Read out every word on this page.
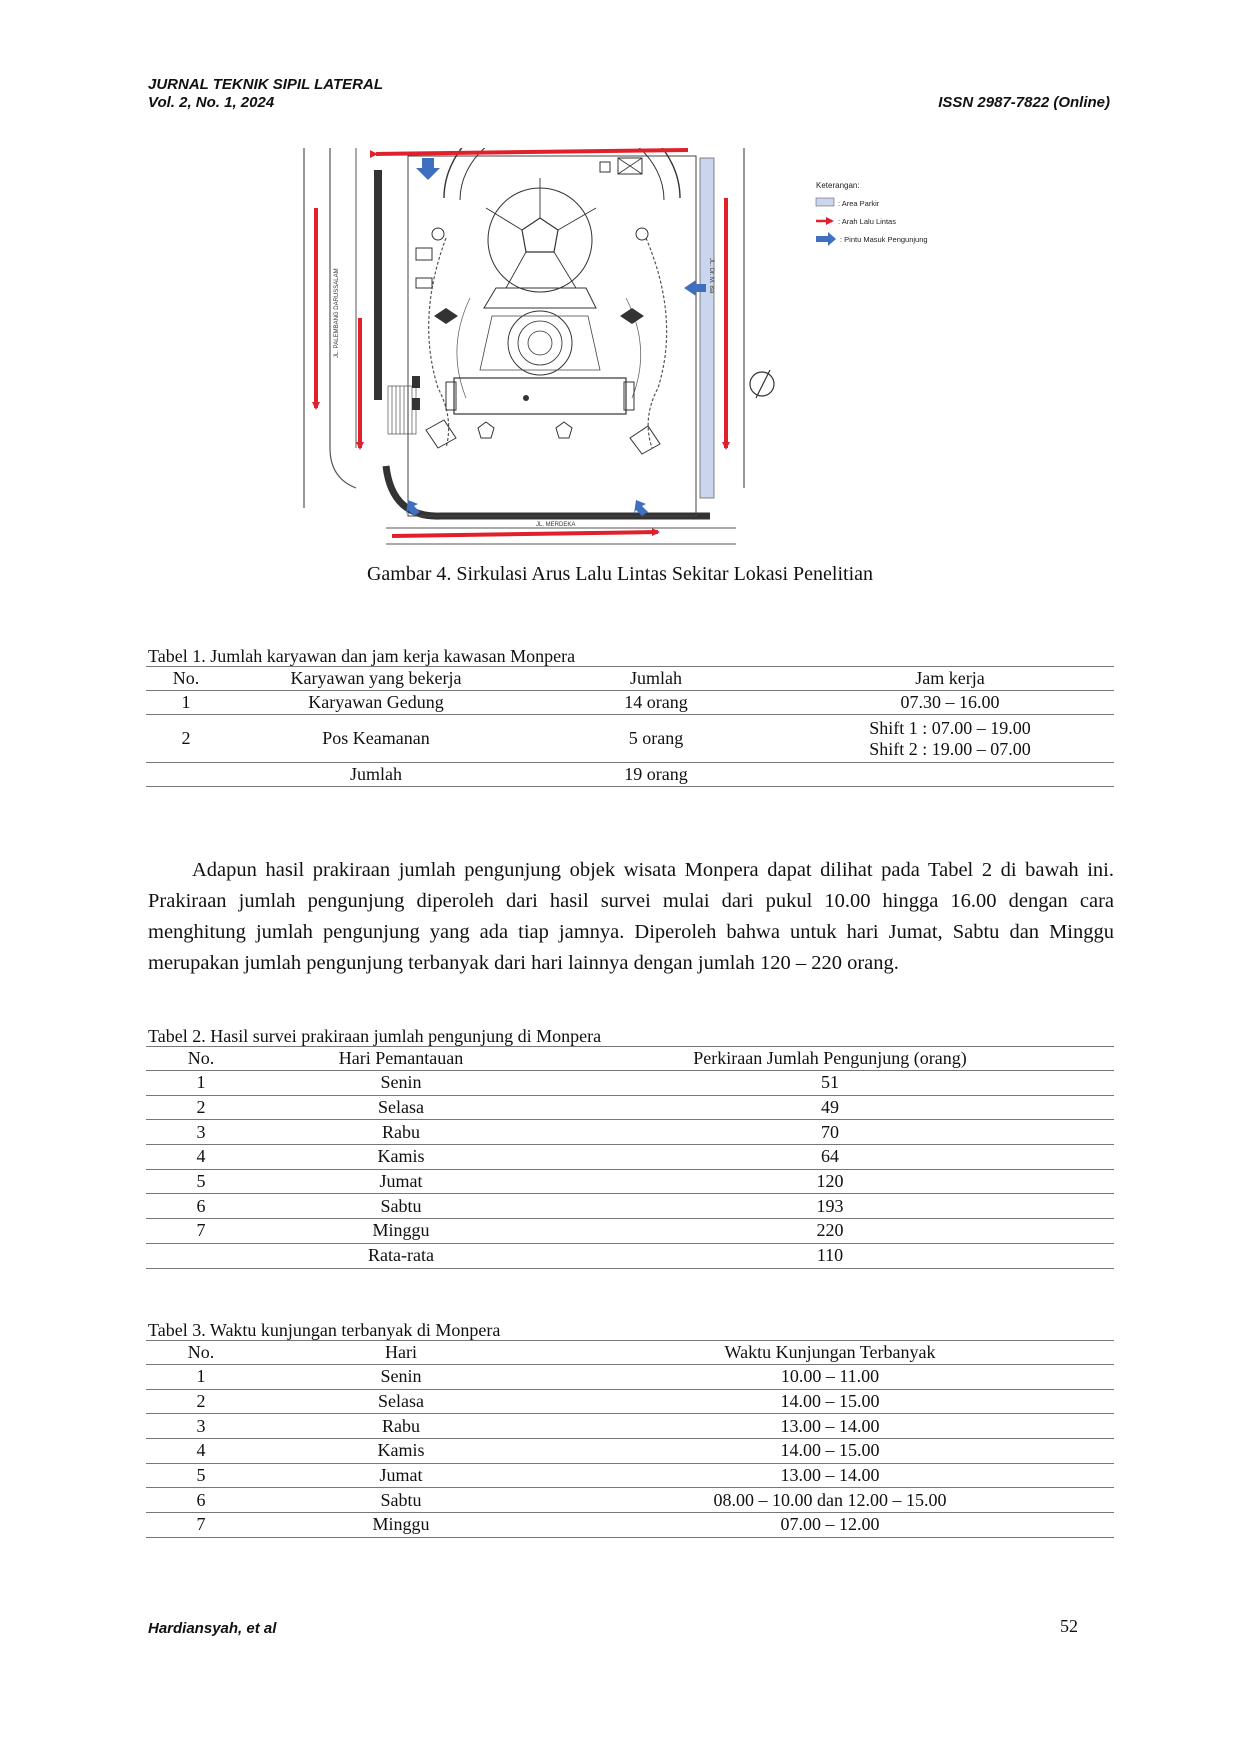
JURNAL TEKNIK SIPIL LATERAL
Vol. 2, No. 1, 2024	ISSN 2987-7822 (Online)
JL. PALEMBANG DARUSSALAM	JL. Dr. M. Isa
JL. MERDEKA
Keterangan:
: Area Parkir
: Arah Lalu Lintas
: Pintu Masuk Pengunjung
Gambar 4. Sirkulasi Arus Lalu Lintas Sekitar Lokasi Penelitian
Tabel 1. Jumlah karyawan dan jam kerja kawasan Monpera
No.	Karyawan yang bekerja	Jumlah	Jam kerja
1	Karyawan Gedung	14 orang	07.30 – 16.00
2	Pos Keamanan	5 orang	Shift 1 : 07.00 – 19.00
Shift 2 : 19.00 – 07.00

	Jumlah	19 orang	

Adapun hasil prakiraan jumlah pengunjung objek wisata Monpera dapat dilihat pada Tabel 2 di bawah ini. Prakiraan jumlah pengunjung diperoleh dari hasil survei mulai dari pukul 10.00 hingga 16.00 dengan cara menghitung jumlah pengunjung yang ada tiap jamnya. Diperoleh bahwa untuk hari Jumat, Sabtu dan Minggu merupakan jumlah pengunjung terbanyak dari hari lainnya dengan jumlah 120 – 220 orang.

Tabel 2. Hasil survei prakiraan jumlah pengunjung di Monpera
No.	Hari Pemantauan	Perkiraan Jumlah Pengunjung (orang)
1	Senin	51
2	Selasa	49
3	Rabu	70
4	Kamis	64
5	Jumat	120
6	Sabtu	193
7	Minggu	220
	Rata-rata	110
Tabel 3. Waktu kunjungan terbanyak di Monpera
No.	Hari	Waktu Kunjungan Terbanyak
1	Senin	10.00 – 11.00
2	Selasa	14.00 – 15.00
3	Rabu	13.00 – 14.00
4	Kamis	14.00 – 15.00
5	Jumat	13.00 – 14.00
6	Sabtu	08.00 – 10.00 dan 12.00 – 15.00
7	Minggu	07.00 – 12.00
Hardiansyah, et al	52
